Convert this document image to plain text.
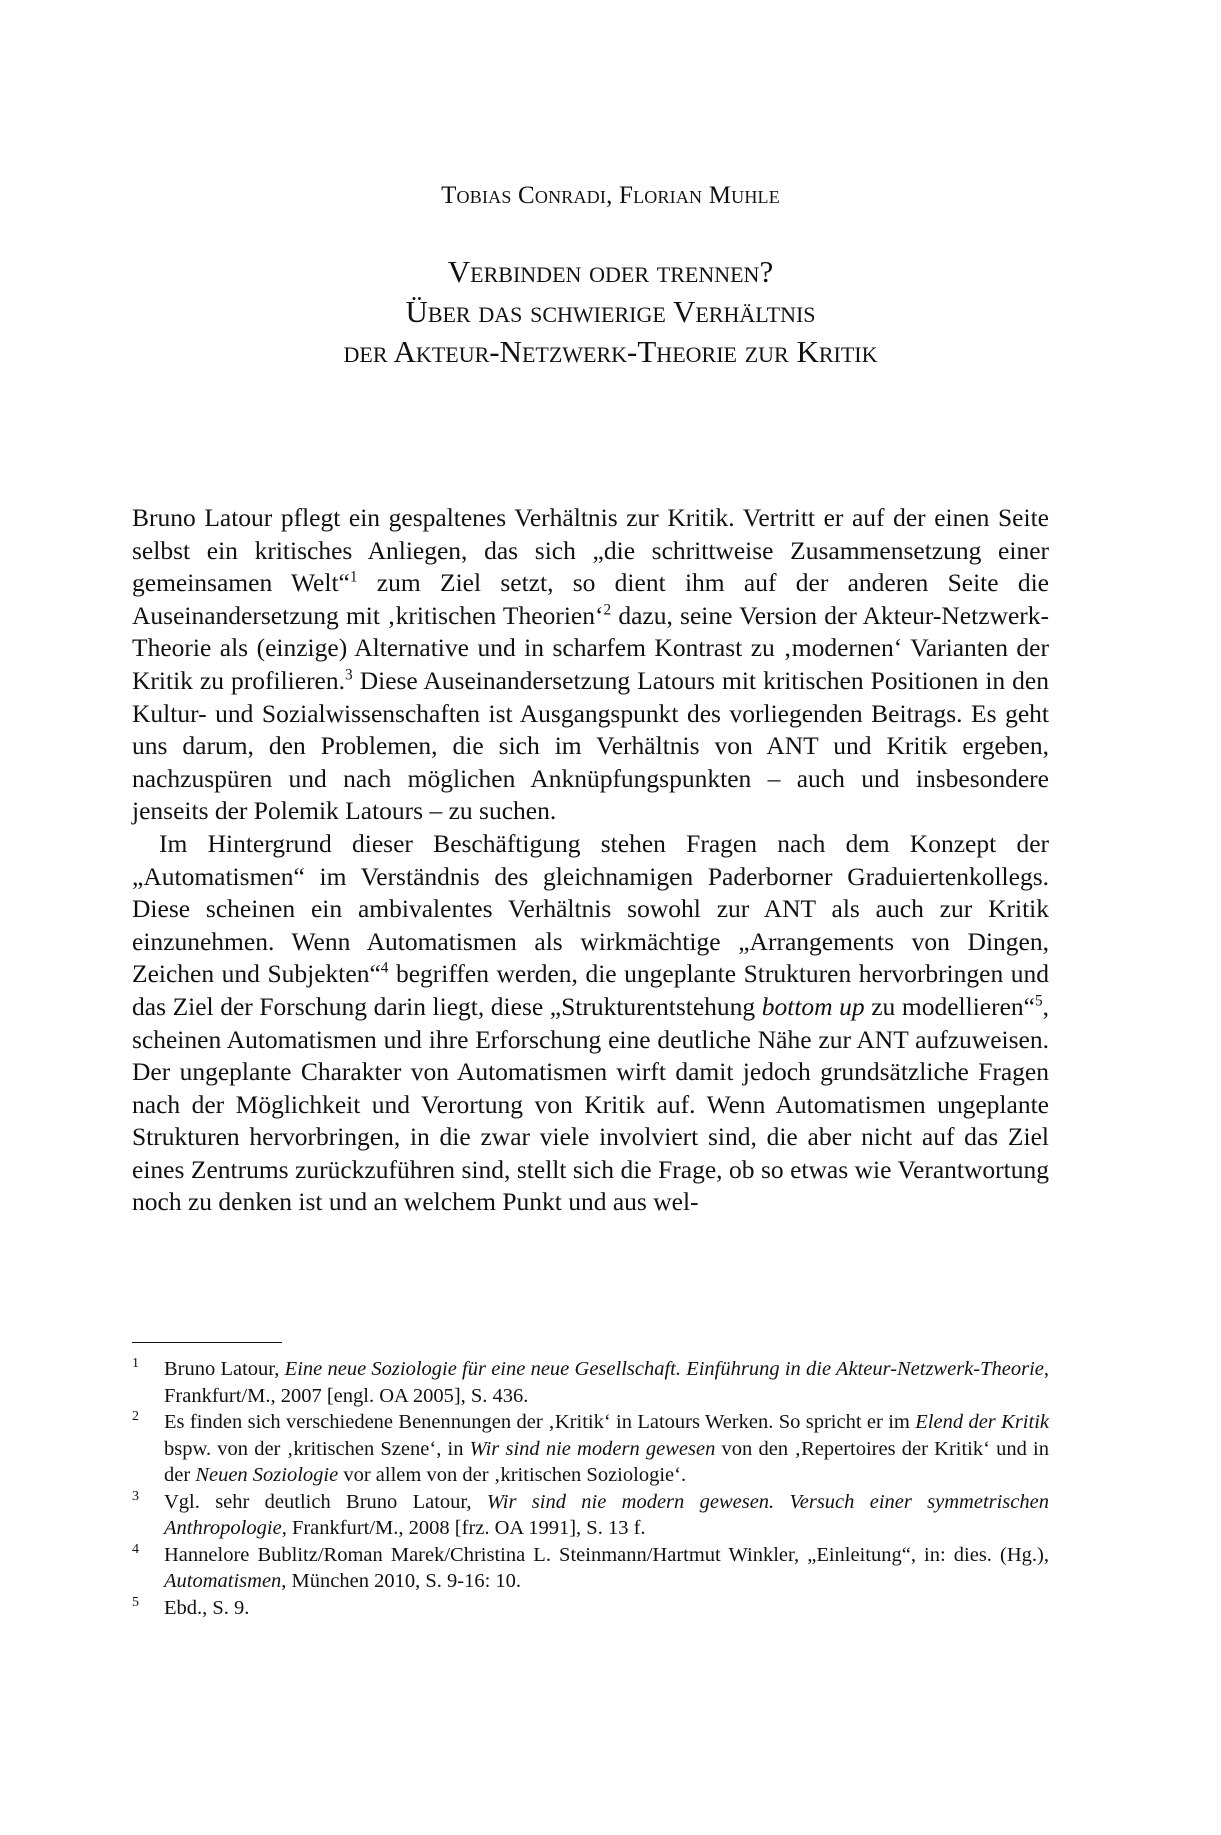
Tobias Conradi, Florian Muhle
Verbinden oder trennen?
Über das schwierige Verhältnis
der Akteur-Netzwerk-Theorie zur Kritik

Bruno Latour pflegt ein gespaltenes Verhältnis zur Kritik. Vertritt er auf der einen Seite selbst ein kritisches Anliegen, das sich „die schrittweise Zusammensetzung einer gemeinsamen Welt“$^1$ zum Ziel setzt, so dient ihm auf der anderen Seite die Auseinandersetzung mit ‚kritischen Theorien‘$^2$ dazu, seine Version der Akteur-Netzwerk-Theorie als (einzige) Alternative und in scharfem Kontrast zu ‚modernen‘ Varianten der Kritik zu profilieren.$^3$ Diese Auseinandersetzung Latours mit kritischen Positionen in den Kultur- und Sozialwissenschaften ist Ausgangspunkt des vorliegenden Beitrags. Es geht uns darum, den Problemen, die sich im Verhältnis von ANT und Kritik ergeben, nachzuspüren und nach möglichen Anknüpfungspunkten – auch und insbesondere jenseits der Polemik Latours – zu suchen.

Im Hintergrund dieser Beschäftigung stehen Fragen nach dem Konzept der „Automatismen“ im Verständnis des gleichnamigen Paderborner Graduiertenkollegs. Diese scheinen ein ambivalentes Verhältnis sowohl zur ANT als auch zur Kritik einzunehmen. Wenn Automatismen als wirkmächtige „Arrangements von Dingen, Zeichen und Subjekten“$^4$ begriffen werden, die ungeplante Strukturen hervorbringen und das Ziel der Forschung darin liegt, diese „Strukturentstehung bottom up zu modellieren“$^5$, scheinen Automatismen und ihre Erforschung eine deutliche Nähe zur ANT aufzuweisen. Der ungeplante Charakter von Automatismen wirft damit jedoch grundsätzliche Fragen nach der Möglichkeit und Verortung von Kritik auf. Wenn Automatismen ungeplante Strukturen hervorbringen, in die zwar viele involviert sind, die aber nicht auf das Ziel eines Zentrums zurückzuführen sind, stellt sich die Frage, ob so etwas wie Verantwortung noch zu denken ist und an welchem Punkt und aus wel-

1 Bruno Latour, Eine neue Soziologie für eine neue Gesellschaft. Einführung in die Akteur-Netzwerk-Theorie, Frankfurt/M., 2007 [engl. OA 2005], S. 436.

2 Es finden sich verschiedene Benennungen der ‚Kritik‘ in Latours Werken. So spricht er im Elend der Kritik bspw. von der ‚kritischen Szene‘, in Wir sind nie modern gewesen von den ‚Repertoires der Kritik‘ und in der Neuen Soziologie vor allem von der ‚kritischen Soziologie‘.

3 Vgl. sehr deutlich Bruno Latour, Wir sind nie modern gewesen. Versuch einer symmetrischen Anthropologie, Frankfurt/M., 2008 [frz. OA 1991], S. 13 f.

4 Hannelore Bublitz/Roman Marek/Christina L. Steinmann/Hartmut Winkler, „Einleitung“, in: dies. (Hg.), Automatismen, München 2010, S. 9-16: 10.

5 Ebd., S. 9.
